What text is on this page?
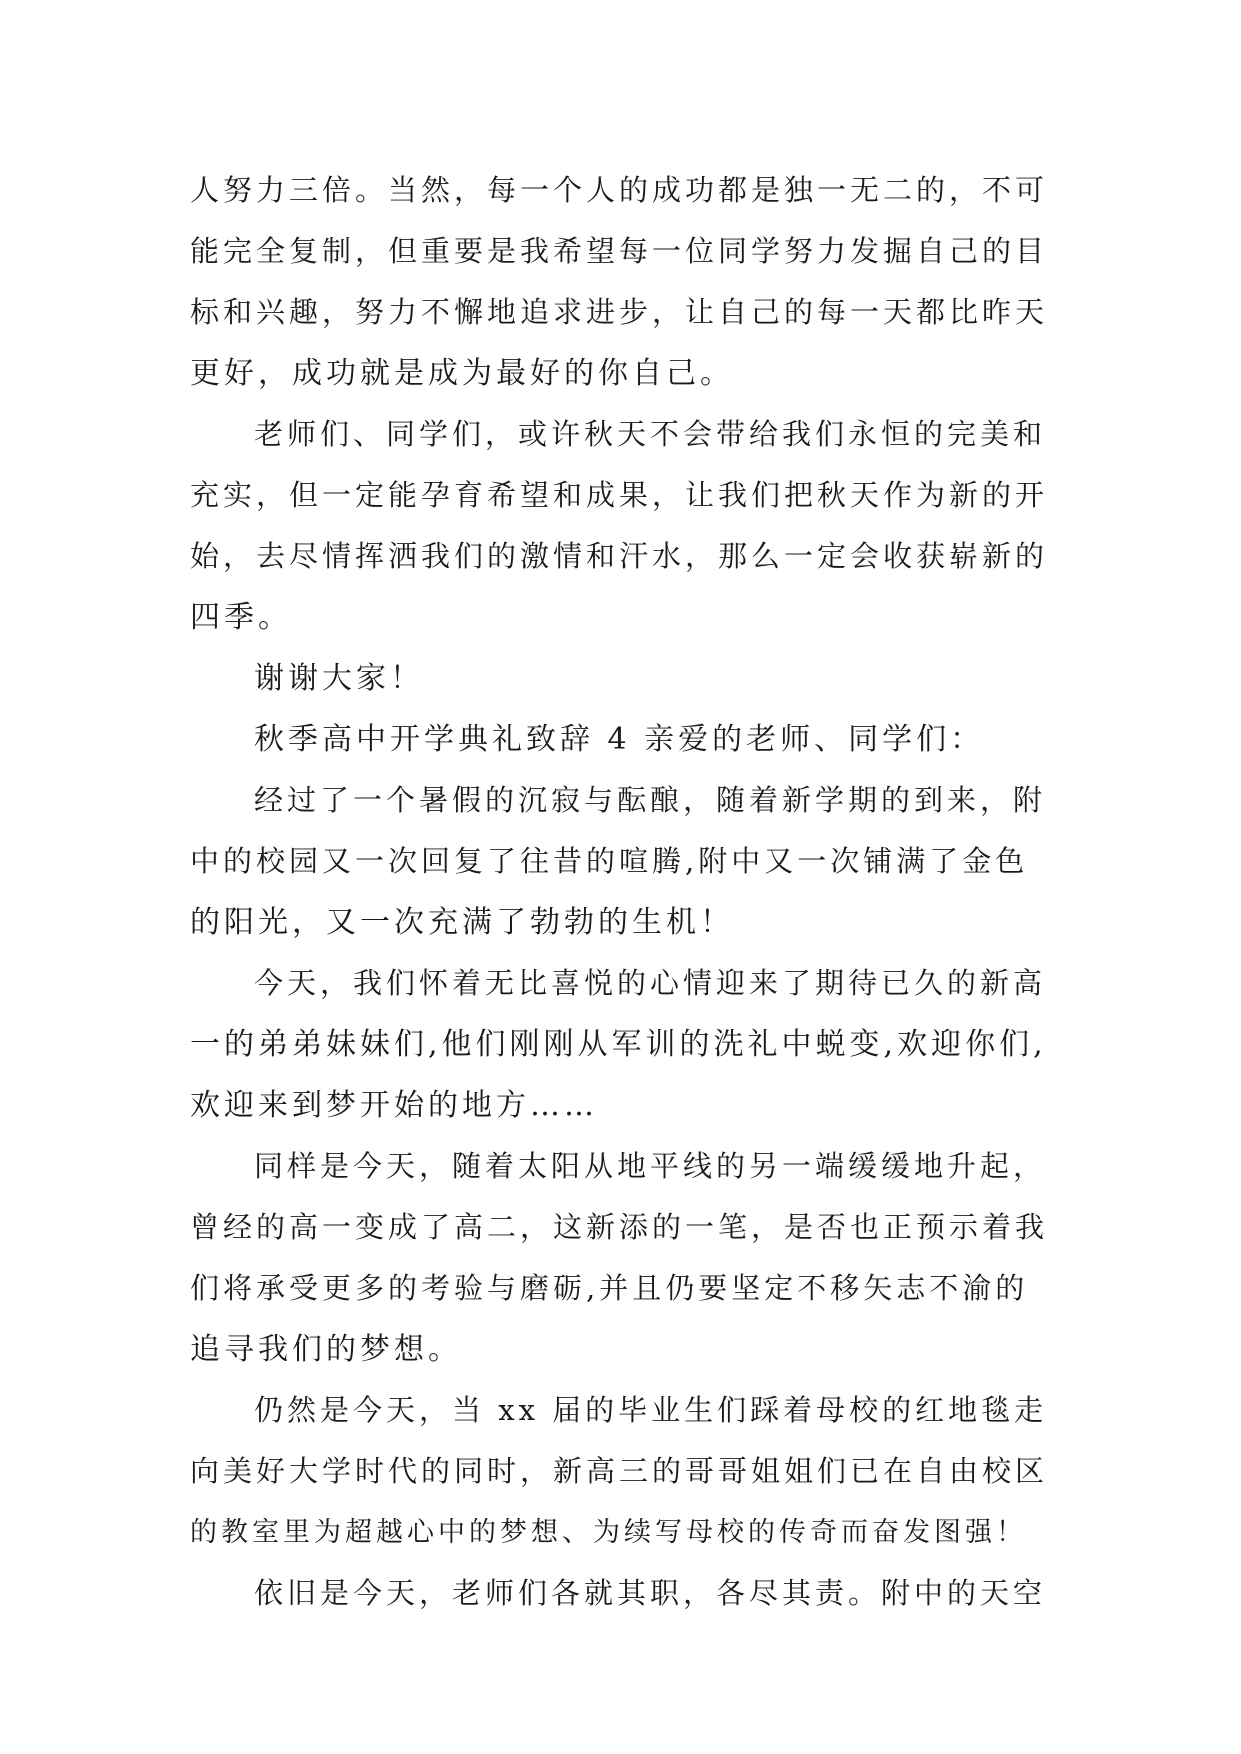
人努力三倍。当然，每一个人的成功都是独一无二的，不可
能完全复制，但重要是我希望每一位同学努力发掘自己的目
标和兴趣，努力不懈地追求进步，让自己的每一天都比昨天
更好，成功就是成为最好的你自己。
老师们、同学们，或许秋天不会带给我们永恒的完美和
充实，但一定能孕育希望和成果，让我们把秋天作为新的开
始，去尽情挥洒我们的激情和汗水，那么一定会收获崭新的
四季。
谢谢大家！
秋季高中开学典礼致辞 4 亲爱的老师、同学们：
经过了一个暑假的沉寂与酝酿，随着新学期的到来，附
中的校园又一次回复了往昔的喧腾,附中又一次铺满了金色
的阳光，又一次充满了勃勃的生机！
今天，我们怀着无比喜悦的心情迎来了期待已久的新高
一的弟弟妹妹们,他们刚刚从军训的洗礼中蜕变,欢迎你们,
欢迎来到梦开始的地方……
同样是今天，随着太阳从地平线的另一端缓缓地升起，
曾经的高一变成了高二，这新添的一笔，是否也正预示着我
们将承受更多的考验与磨砺,并且仍要坚定不移矢志不渝的
追寻我们的梦想。
仍然是今天，当 xx 届的毕业生们踩着母校的红地毯走
向美好大学时代的同时，新高三的哥哥姐姐们已在自由校区
的教室里为超越心中的梦想、为续写母校的传奇而奋发图强！
依旧是今天，老师们各就其职，各尽其责。附中的天空
